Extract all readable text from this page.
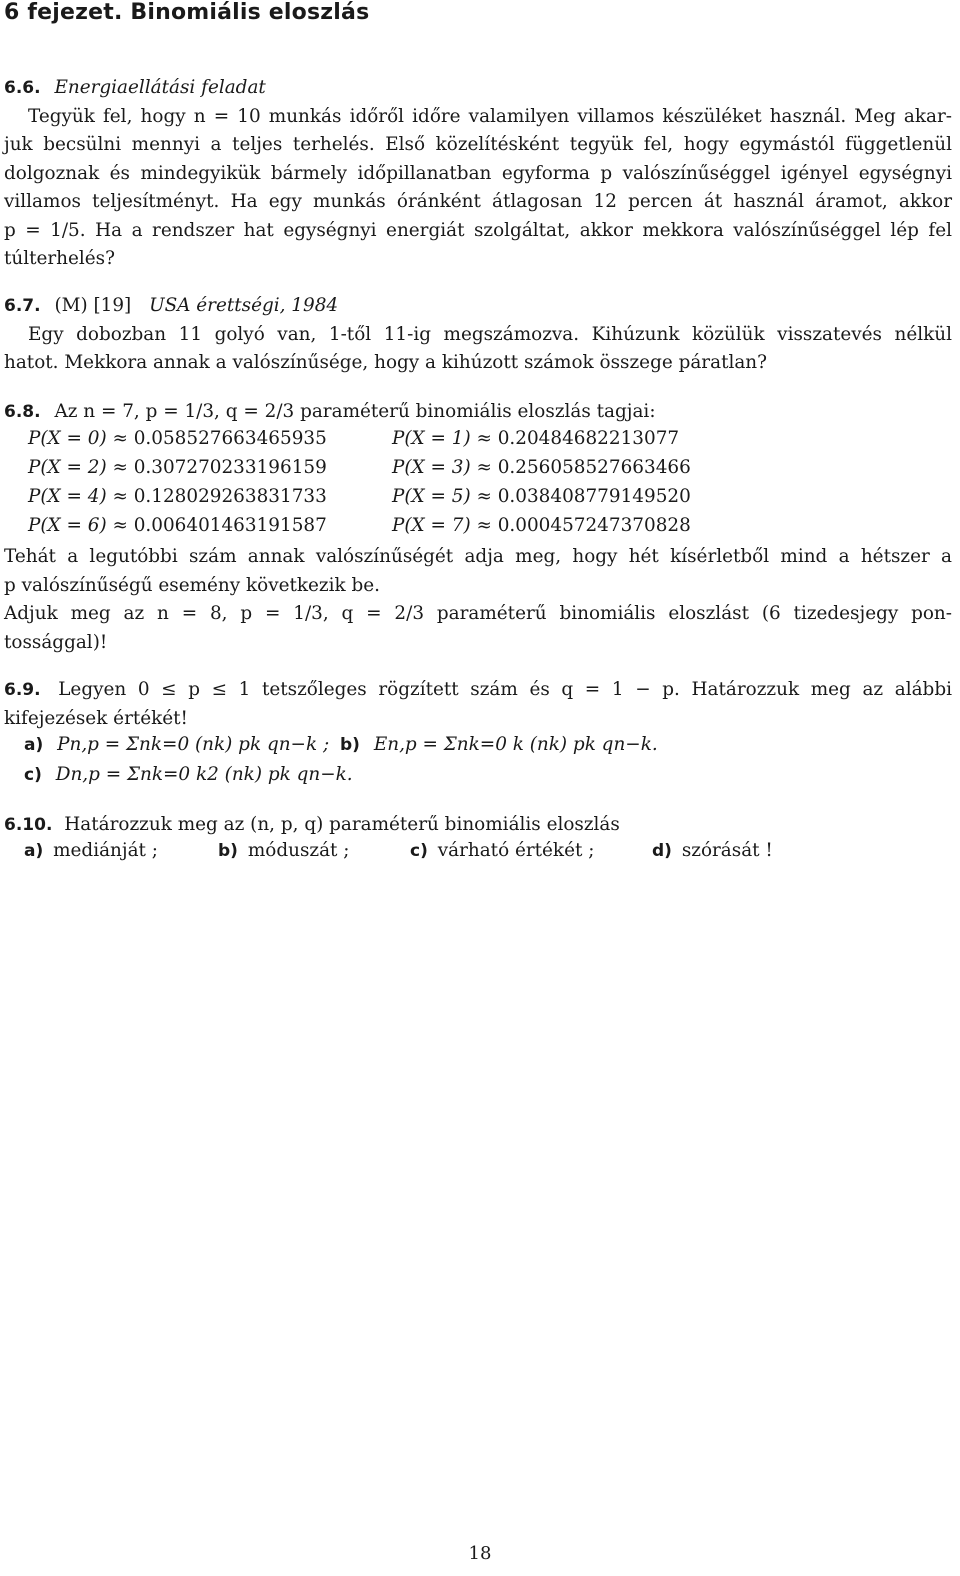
6 fejezet. Binomiális eloszlás
6.6. Energiaellátási feladat
Tegyük fel, hogy n = 10 munkás időről időre valamilyen villamos készüléket használ. Meg akar-
juk becsülni mennyi a teljes terhelés. Első közelítésként tegyük fel, hogy egymástól függetlenül
dolgoznak és mindegyikük bármely időpillanatban egyforma p valószínűséggel igényel egységnyi
villamos teljesítményt. Ha egy munkás óránként átlagosan 12 percen át használ áramot, akkor
p = 1/5. Ha a rendszer hat egységnyi energiát szolgáltat, akkor mekkora valószínűséggel lép fel
túlterhelés?
6.7. (M) [19] USA érettségi, 1984
Egy dobozban 11 golyó van, 1-től 11-ig megszámozva. Kihúzunk közülük visszatevés nélkül
hatot. Mekkora annak a valószínűsége, hogy a kihúzott számok összege páratlan?
6.8. Az n = 7, p = 1/3, q = 2/3 paraméterű binomiális eloszlás tagjai:
P(X = 0) ≈ 0.058527663465935	P(X = 1) ≈ 0.20484682213077
P(X = 2) ≈ 0.307270233196159	P(X = 3) ≈ 0.256058527663466
P(X = 4) ≈ 0.128029263831733	P(X = 5) ≈ 0.038408779149520
P(X = 6) ≈ 0.006401463191587	P(X = 7) ≈ 0.000457247370828
Tehát a legutóbbi szám annak valószínűségét adja meg, hogy hét kísérletből mind a hétszer a
p valószínűségű esemény következik be.
Adjuk meg az n = 8, p = 1/3, q = 2/3 paraméterű binomiális eloszlást (6 tizedesjegy pon-
tossággal)!
6.9. Legyen 0 ≤ p ≤ 1 tetszőleges rögzített szám és q = 1 − p. Határozzuk meg az alábbi
kifejezések értékét!
a) Pn,p = Σnk=0 (nk) pk qn−k ; b) En,p = Σnk=0 k (nk) pk qn−k.
c) Dn,p = Σnk=0 k2 (nk) pk qn−k.
6.10. Határozzuk meg az (n, p, q) paraméterű binomiális eloszlás
a) mediánját ;	b) móduszát ;	c) várható értékét ;	d) szórását !
18
